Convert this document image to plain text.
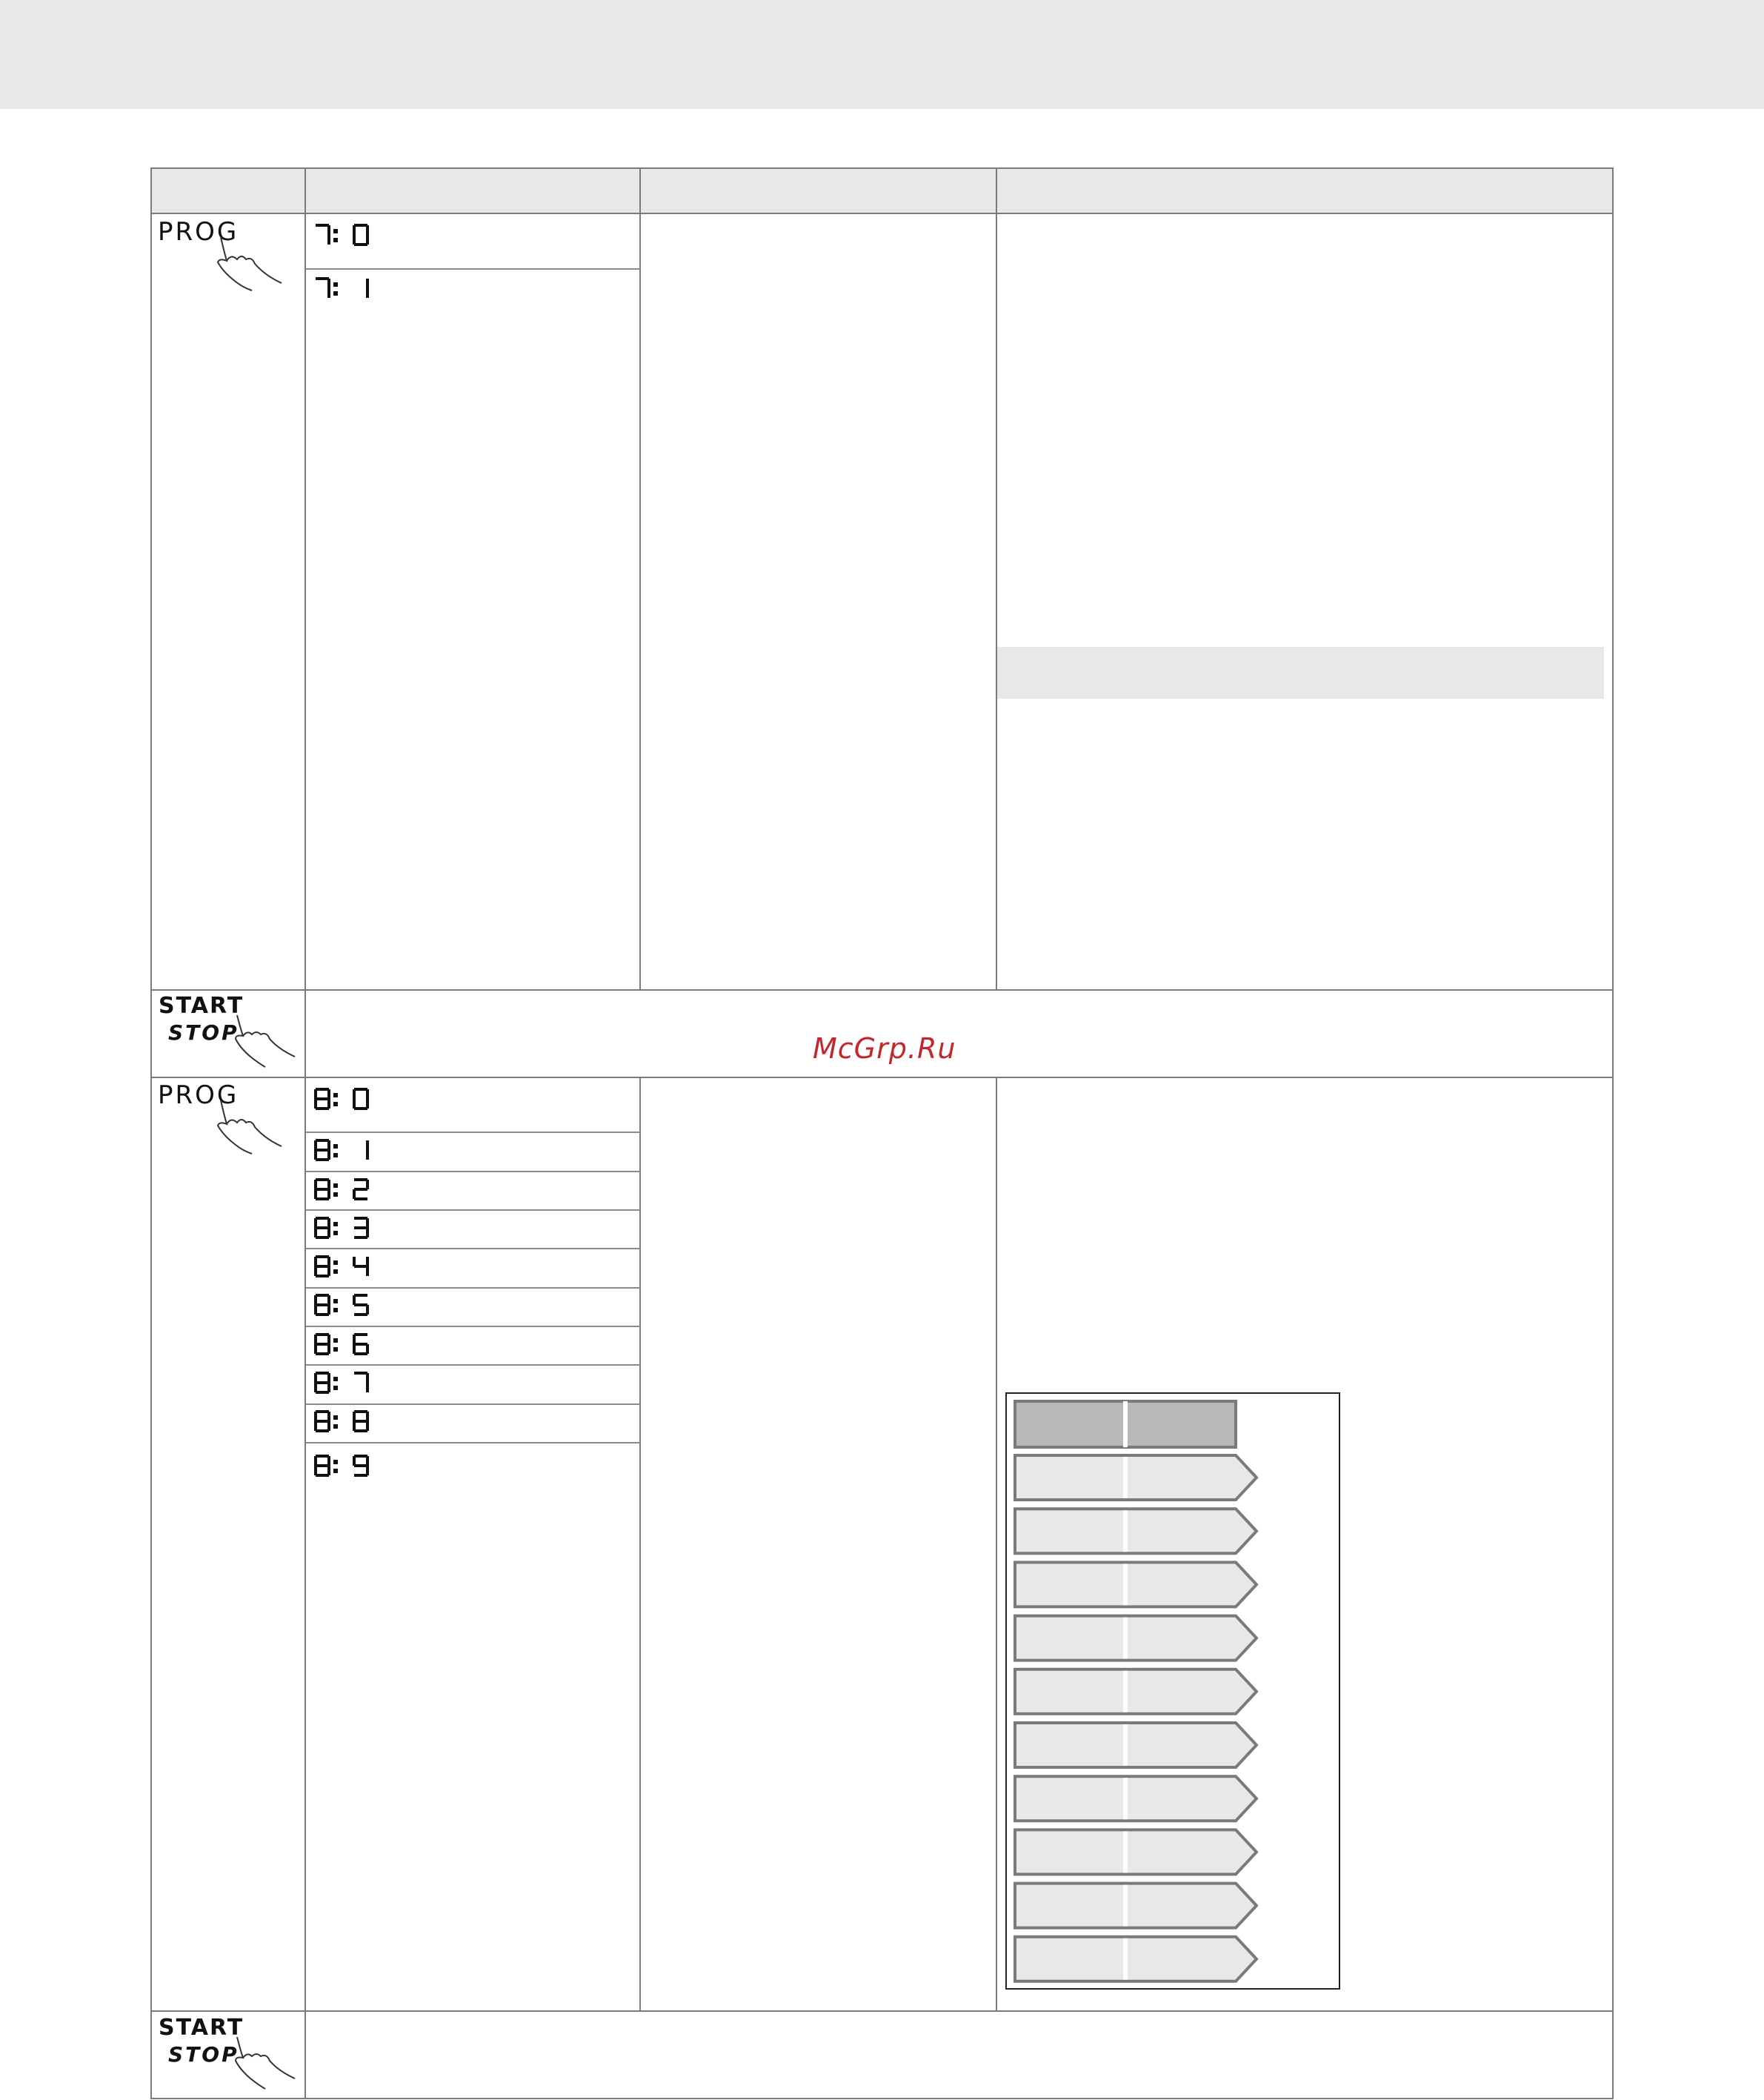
PROG
PROG
START
STOP
START
STOP
McGrp.Ru
